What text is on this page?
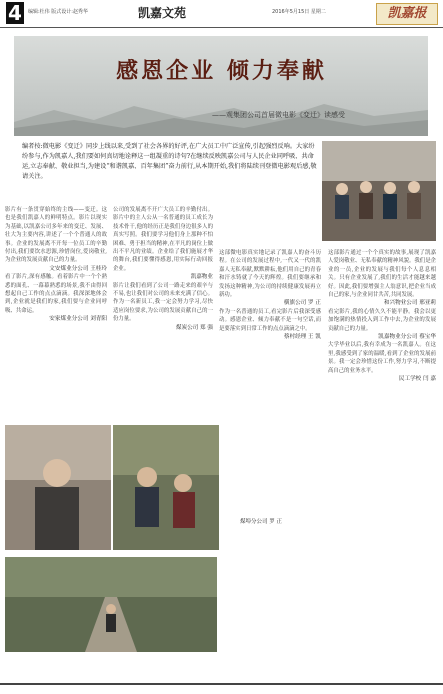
4	编辑:杜伟 版式设计:赵秀华	凯嘉文苑	2016年5月15日 星期二	凯嘉报
感恩企业 倾力奉献
——观集团公司首届微电影《变迁》读感受
编者按:微电影《变迁》同步上线以来,受到了社会各界的好评,在广大员工中广泛宣传,引起强烈反响。大家纷纷参与,作为凯嘉人,我们要如何真切地诠释这一组凝重的诗句?在继续反映凯嘉公司与人民企业同呼吸、共命运,立志奉献、敬业担当,为建设“和谐凯嘉、百年集团”奋力前行,从本期开始,我们将陆续刊登微电影观后感,敬请关注。
影片有一条贯穿始终的主线——变迁。这也是我们凯嘉人的鲜明特点。影片以现实为基础,以凯嘉公司多年来的变迁、发展、壮大为主要内容,讲述了一个个普通人的故事。企业的发展离不开每一位员工的辛勤付出,我们要饮水思源,珍惜岗位,爱岗敬业,为企业的发展贡献自己的力量。
文安煤业分公司 王桂玲
看了影片,深有感触。看着影片中一个个熟悉的面孔、一幕幕熟悉的场景,我不由得回想起自己工作的点点滴滴。我深深地体会到,企业就是我们的家,我们要与企业同呼吸、共命运。
安家煤业分公司 刘青阳
公司的发展离不开广大员工的辛勤付出。影片中的主人公从一名普通的员工成长为技术骨干,他的经历正是我们身边很多人的真实写照。我们要学习他们身上那种不怕困难、勇于担当的精神,在平凡的岗位上做出不平凡的业绩。企业给了我们施展才华的舞台,我们要懂得感恩,用实际行动回报企业。
凯嘉物业
影片让我们看到了公司一路走来的艰辛与不易,也让我们对公司的未来充满了信心。作为一名新员工,我一定会努力学习,尽快适应岗位要求,为公司的发展贡献自己的一份力量。
煤炭公司 郑 强
这部微电影真实地记录了凯嘉人的奋斗历程。在公司的发展过程中,一代又一代的凯嘉人无私奉献,默默耕耘,他们用自己的青春和汗水铸就了今天的辉煌。我们要继承和发扬这种精神,为公司的持续健康发展再立新功。
横旗公司 罗 正
作为一名普通的员工,看完影片后我深受感动。感恩企业、倾力奉献不是一句空话,而是要落实到日常工作的点点滴滴之中。
蔡村经理 王 凯
这部影片通过一个个真实的故事,展现了凯嘉人爱岗敬业、无私奉献的精神风貌。我们是企业的一员,企业的发展与我们每个人息息相关。只有企业发展了,我们的生活才能越来越好。因此,我们要增强主人翁意识,把企业当成自己的家,与企业同甘共苦,共同发展。
和兴物业公司 邢亚莉
看完影片,我的心情久久不能平静。我会以更加饱满的热情投入到工作中去,为企业的发展贡献自己的力量。
凯嘉物业分公司 蔡宝华
大学毕业以后,我有幸成为一名凯嘉人。在这里,我感受到了家的温暖,看到了企业的发展前景。我一定会珍惜这份工作,努力学习,不断提高自己的业务水平。
民工学校 闫 嘉
煤埠分公司 罗 正
